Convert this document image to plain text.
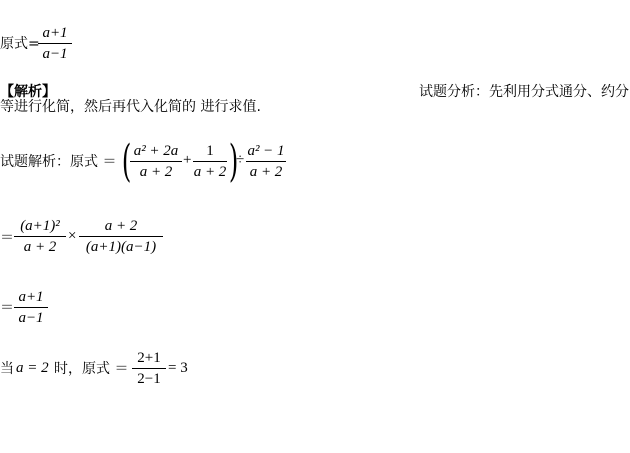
原式=
a+1
a−1
【解析】	试题分析：先利用分式通分、约分
等进行化简，然后再代入化简的 进行求值.
试题解析：原式 ＝ ( a² + 2a
a + 2
+
1
a + 2 )
÷
a² − 1
a + 2
＝
(a+1)²
a + 2
×
a + 2
(a+1)(a−1)
＝
a+1
a−1
当 a = 2 时，原式 ＝
2+1
2−1
= 3
